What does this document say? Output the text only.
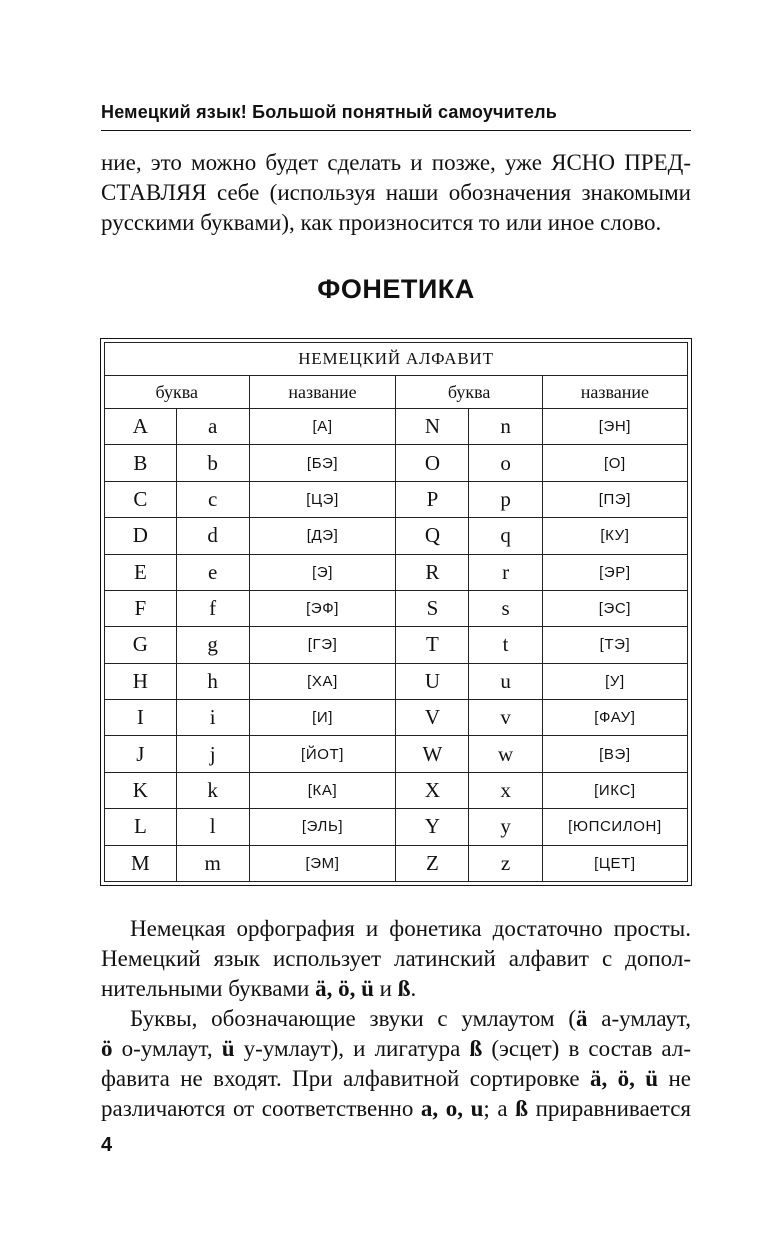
Немецкий язык! Большой понятный самоучитель
ние, это можно будет сделать и позже, уже ЯСНО ПРЕД-
СТАВЛЯЯ себе (используя наши обозначения знакомыми
русскими буквами), как произносится то или иное слово.
ФОНЕТИКА
НЕМЕЦКИЙ АЛФАВИТ					
буква		название	буква		название
A	a	[А]	N	n	[ЭН]
B	b	[БЭ]	O	o	[О]
C	c	[ЦЭ]	P	p	[ПЭ]
D	d	[ДЭ]	Q	q	[КУ]
E	e	[Э]	R	r	[ЭР]
F	f	[ЭФ]	S	s	[ЭС]
G	g	[ГЭ]	T	t	[ТЭ]
H	h	[ХА]	U	u	[У]
I	i	[И]	V	v	[ФАУ]
J	j	[ЙОТ]	W	w	[ВЭ]
K	k	[КА]	X	x	[ИКС]
L	l	[ЭЛЬ]	Y	y	[ЮПСИЛОН]
M	m	[ЭМ]	Z	z	[ЦЕТ]
Немецкая орфография и фонетика достаточно просты.
Немецкий язык использует латинский алфавит с допол-
нительными буквами ä, ö, ü и ß.
Буквы, обозначающие звуки с умлаутом (ä а-умлаут,
ö о-умлаут, ü у-умлаут), и лигатура ß (эсцет) в состав ал-
фавита не входят. При алфавитной сортировке ä, ö, ü не
различаются от соответственно a, o, u; а ß приравнивается
4
